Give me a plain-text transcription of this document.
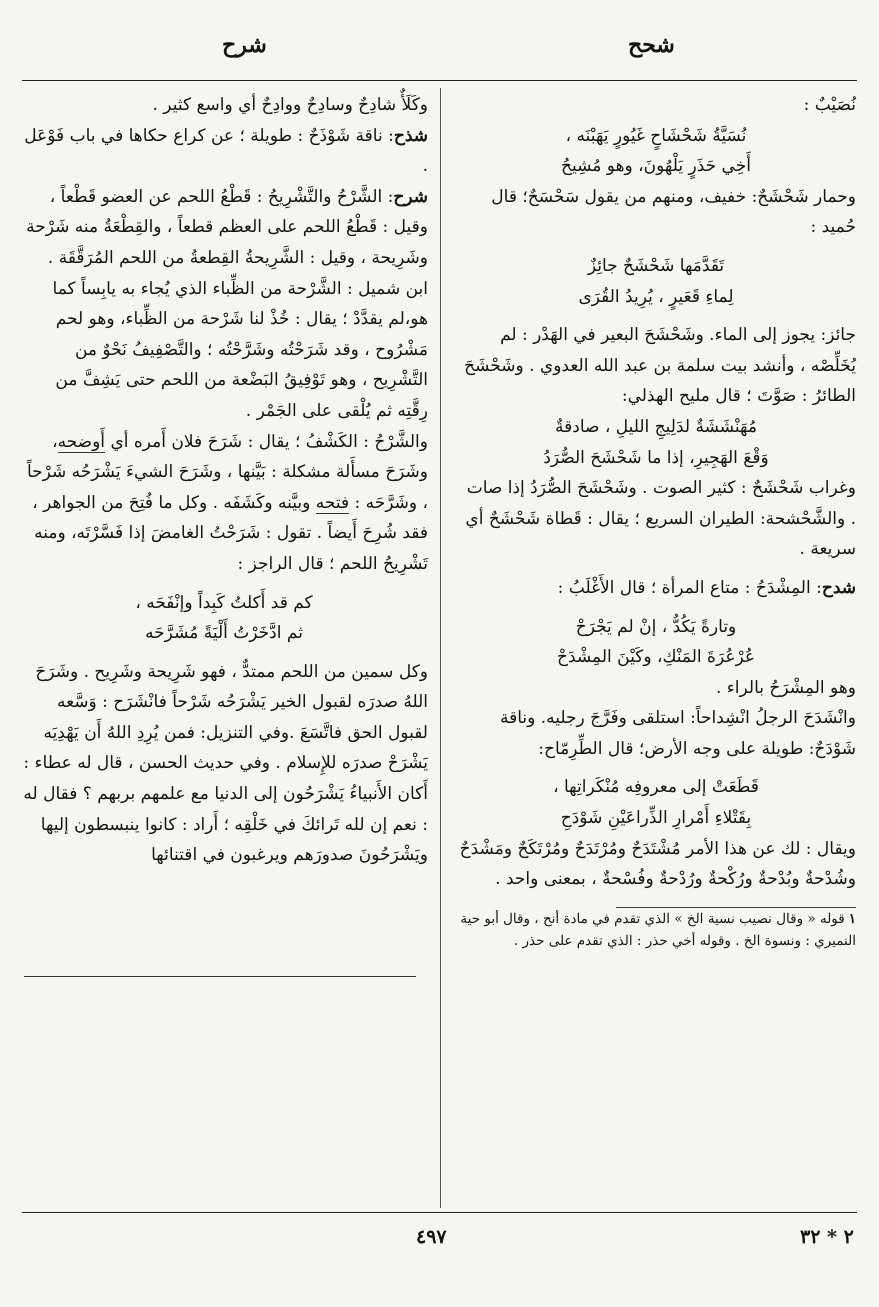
شرح	شحح

نُصَيْبٌ :

نُسَيَّةُ شَحْشَاحٍ غَيُورٍ يَهَبْنَه ،

أَخِي حَذَرٍ يَلْهُونَ، وهو مُشِيحُ

وحمار شَحْشَحٌ: خفيف، ومنهم من يقول سَحْسَحٌ؛ قال حُميد :

تَقَدَّمَها شَحْشَحٌ جائِزٌ

لِماءِ قَعَيرٍ ، يُرِيدُ القُرَى

جائز: يجوز إلى الماء. وشَحْشَحَ البعير في الهَدْر : لم يُخَلِّصْه ، وأنشد بيت سلمة بن عبد الله العدوي . وشَحْشَحَ الطائرُ : صَوَّتَ ؛ قال مليح الهذلي:

مُهَنْشَشَةٌ لدَلِيجِ الليلِ ، صادقةٌ

وَقْعَ الهَجِيرِ، إذا ما شَحْشَحَ الصُّرَدُ

وغراب شَحْشَحٌ : كثير الصوت . وشَحْشَحَ الصُّرَدُ إذا صات . والشَّحْشحة: الطيران السريع ؛ يقال : قَطاة شَحْشَحٌ أي سريعة .

شدح: المِشْدَحُ : متاع المرأة ؛ قال الأَغْلَبُ :

وتارةً يَكُدُّ ، إنْ لم يَجْرَحْ

عُرْعُرَةَ المَنْكِ، وكَيْنَ المِشْدَحْ

وهو المِشْرَحُ بالراء .

وانْشَدَحَ الرجلُ انْشِداحاً: استلقى وفَرَّجَ رجليه. وناقة شَوْدَحٌ: طويلة على وجه الأرض؛ قال الطِّرِمّاح:

قَطَعَتْ إلى معروفِه مُنْكَراتِها ،

بِقَتْلاءِ أَمْرارِ الذِّراعَيْنِ شَوْدَحِ

ويقال : لك عن هذا الأمر مُشْتَدَحٌ ومُرْتَدَحٌ ومُرْتَكَحٌ ومَشْدَحٌ وشُدْحةٌ وبُدْحةٌ ورُكْحةٌ ورُدْحةٌ وفُسْحةٌ ، بمعنى واحد .

١قوله « وقال نصيب نسية الخ » الذي تقدم في مادة أنح ، وقال أبو حية النميري : ونسوة الخ . وقوله أخي حذر : الذي تقدم على حذر .

وكَلَأٌ شادِحٌ وسادِحٌ ووادِحٌ أي واسع كثير .

شذح: ناقة شَوْذَحٌ : طويلة ؛ عن كراع حكاها في باب فَوْعَل .

شرح: الشَّرْحُ والتَّشْرِيحُ : قَطْعُ اللحم عن العضو قَطْعاً ، وقيل : قَطْعُ اللحم على العظم قطعاً ، والقِطْعَةُ منه شَرْحة وشَرِيحة ، وقيل : الشَّرِيحةُ القِطعةُ من اللحم المُرَقَّقَة .

ابن شميل : الشَّرْحة من الظِّباء الذي يُجاء به يابِساً كما هو،لم يقدَّدْ ؛ يقال : خُذْ لنا شَرْحة من الظِّباء، وهو لحم مَشْرُوح ، وقد شَرَحْتُه وشَرَّحْتُه ؛ والتَّصْفِيفُ نَحْوٌ من التَّشْرِيح ، وهو تَوْفِيقُ البَضْعة من اللحم حتى يَشِفَّ من رِقَّتِه ثم يُلْقى على الجَمْر .

والشَّرْحُ : الكَشْفُ ؛ يقال : شَرَحَ فلان أَمره أي أَوضحه، وشَرَحَ مسأَلة مشكلة : بَيَّنها ، وشَرَحَ الشيءَ يَشْرَحُه شَرْحاً ، وشَرَّحَه : فتحه وبيَّنه وكَشَفَه . وكل ما فُتِحَ من الجواهر ، فقد شُرِحَ أَيضاً . تقول : شَرَحْتُ الغامضَ إذا فَسَّرْتَه، ومنه تَشْرِيحُ اللحم ؛ قال الراجز :

كم قد أَكلتُ كَبِداً وإنْفَحَه ،

ثم ادَّخَرْتُ أَلْيَةً مُشَرَّحَه

وكل سمين من اللحم ممتدٌّ ، فهو شَرِيحة وشَرِيح . وشَرَحَ اللهُ صدرَه لقبول الخير يَشْرَحُه شَرْحاً فانْشَرَح : وَسَّعه لقبول الحق فاتَّسَعَ .وفي التنزيل: فمن يُرِدِ اللهُ أَن يَهْدِيَه يَشْرَحْ صدرَه للإِسلام . وفي حديث الحسن ، قال له عطاء : أَكان الأَنبياءُ يَشْرَحُون إلى الدنيا مع علمهم بربهم ؟ فقال له : نعم إن لله تَرائكَ في خَلْقِه ؛ أَراد : كانوا ينبسطون إليها ويَشْرَحُونَ صدورَهم ويرغبون في اقتنائها

٤٩٧	٢ * ٣٢
